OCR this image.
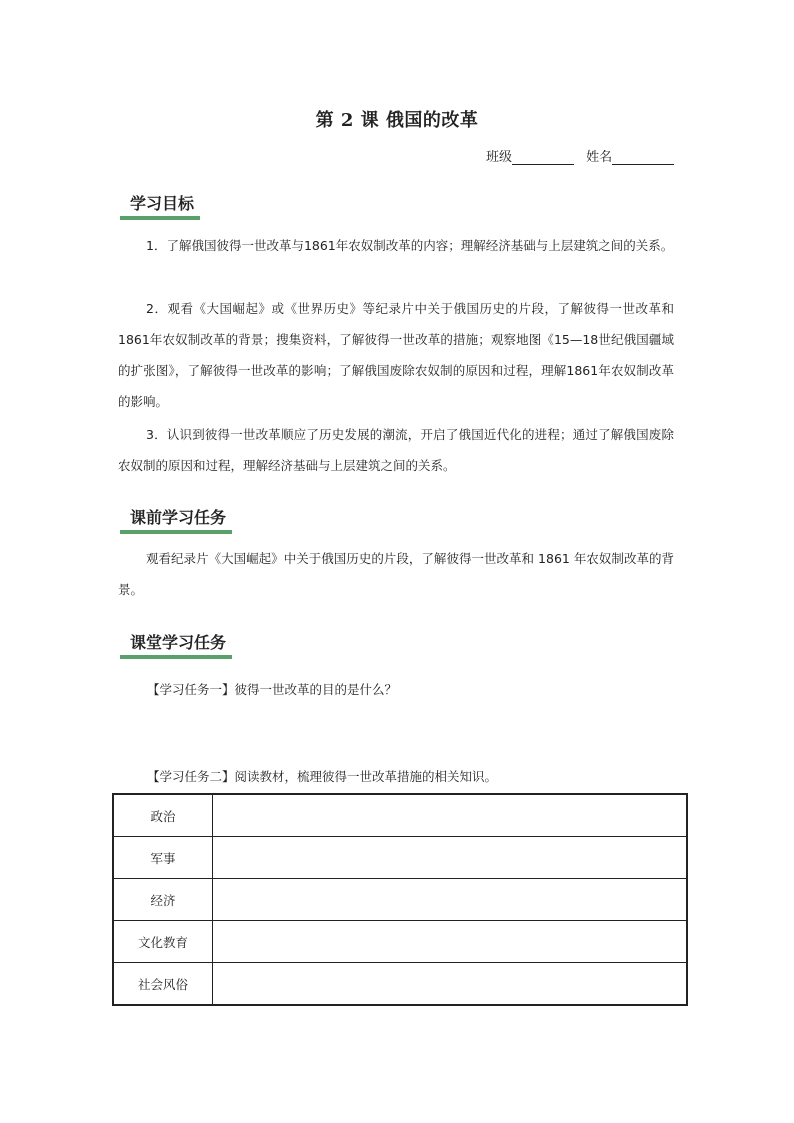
第 2 课 俄国的改革
班级	姓名
学习目标

1．了解俄国彼得一世改革与1861年农奴制改革的内容；理解经济基础与上层建筑之间的关系。

2．观看《大国崛起》或《世界历史》等纪录片中关于俄国历史的片段，了解彼得一世改革和1861年农奴制改革的背景；搜集资料，了解彼得一世改革的措施；观察地图《15—18世纪俄国疆域的扩张图》，了解彼得一世改革的影响；了解俄国废除农奴制的原因和过程，理解1861年农奴制改革的影响。

3．认识到彼得一世改革顺应了历史发展的潮流，开启了俄国近代化的进程；通过了解俄国废除农奴制的原因和过程，理解经济基础与上层建筑之间的关系。

课前学习任务

观看纪录片《大国崛起》中关于俄国历史的片段，了解彼得一世改革和 1861 年农奴制改革的背景。

课堂学习任务
【学习任务一】彼得一世改革的目的是什么？
【学习任务二】阅读教材，梳理彼得一世改革措施的相关知识。
政治	
军事	
经济	
文化教育	
社会风俗	
